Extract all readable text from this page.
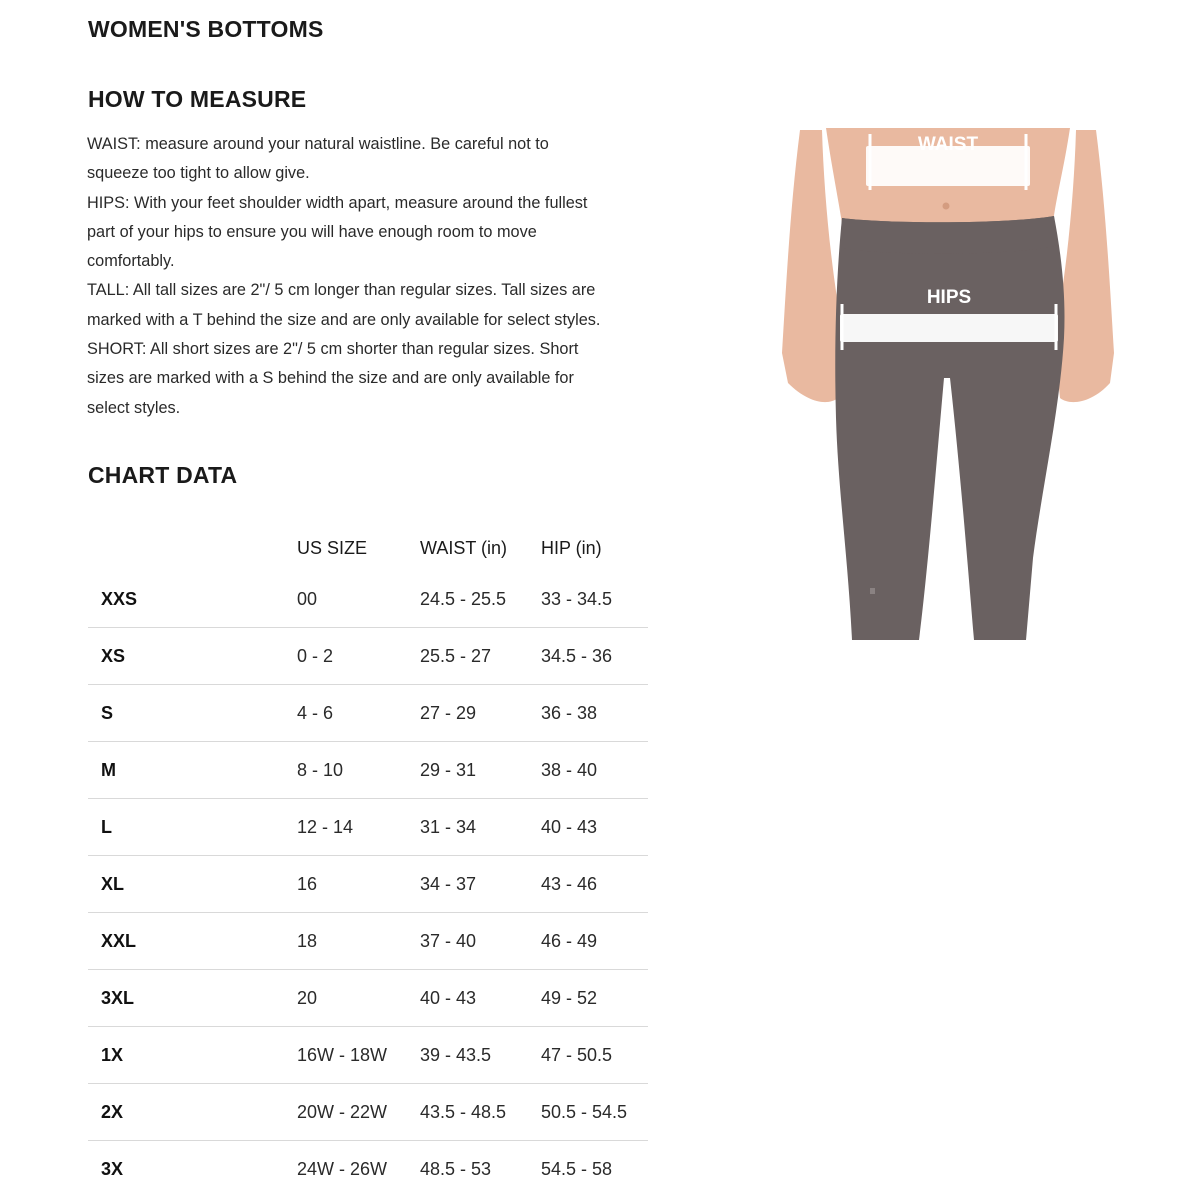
WOMEN'S BOTTOMS
HOW TO MEASURE

WAIST: measure around your natural waistline. Be careful not to

squeeze too tight to allow give.

HIPS: With your feet shoulder width apart, measure around the fullest

part of your hips to ensure you will have enough room to move

comfortably.

TALL: All tall sizes are 2"/ 5 cm longer than regular sizes. Tall sizes are

marked with a T behind the size and are only available for select styles.

SHORT: All short sizes are 2"/ 5 cm shorter than regular sizes. Short

sizes are marked with a S behind the size and are only available for

select styles.

CHART DATA
	US SIZE	WAIST (in)	HIP (in)
XXS	00	24.5 - 25.5	33 - 34.5
XS	0 - 2	25.5 - 27	34.5 - 36
S	4 - 6	27 - 29	36 - 38
M	8 - 10	29 - 31	38 - 40
L	12 - 14	31 - 34	40 - 43
XL	16	34 - 37	43 - 46
XXL	18	37 - 40	46 - 49
3XL	20	40 - 43	49 - 52
1X	16W - 18W	39 - 43.5	47 - 50.5
2X	20W - 22W	43.5 - 48.5	50.5 - 54.5
3X	24W - 26W	48.5 - 53	54.5 - 58
WAIST
HIPS
